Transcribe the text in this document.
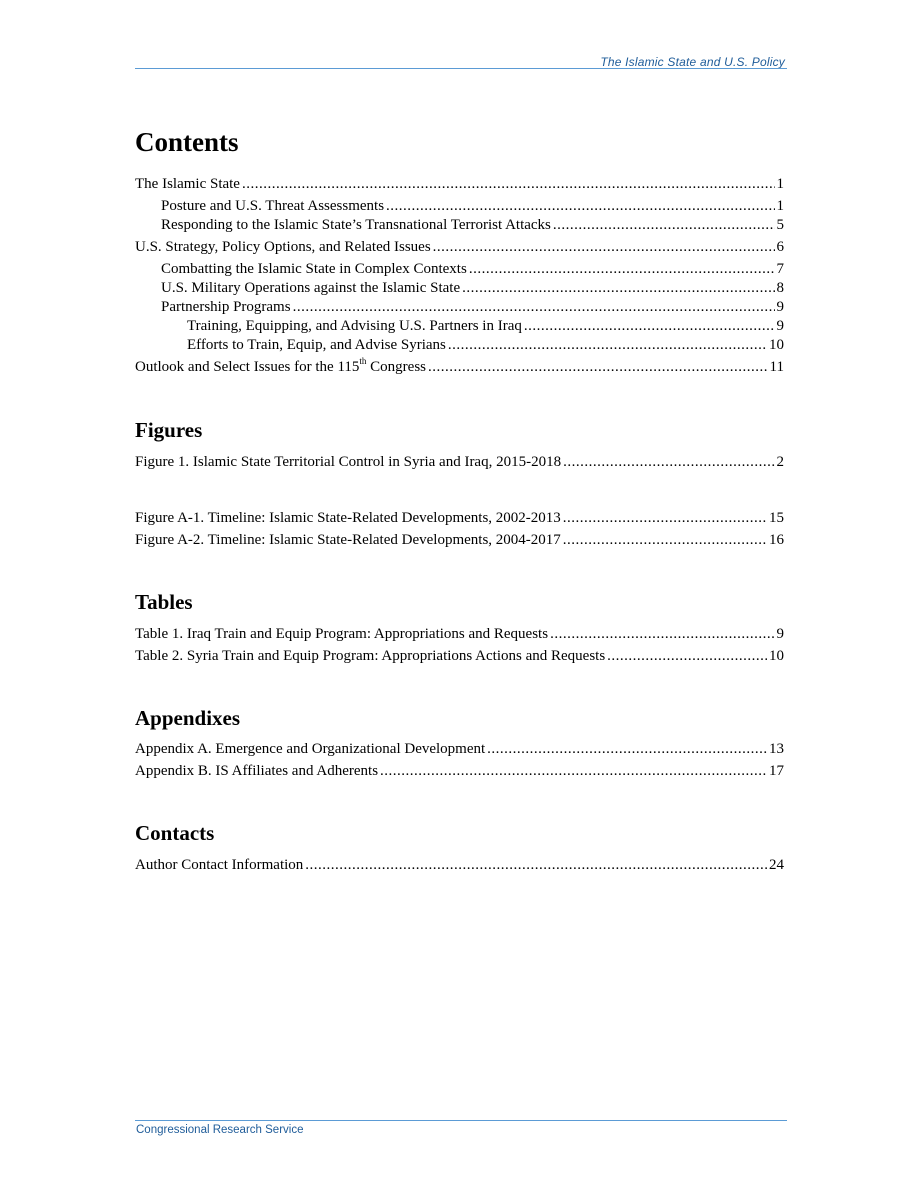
The Islamic State and U.S. Policy
Contents
The Islamic State .....	1
Posture and U.S. Threat Assessments .....	1
Responding to the Islamic State’s Transnational Terrorist Attacks .....	5
U.S. Strategy, Policy Options, and Related Issues .....	6
Combatting the Islamic State in Complex Contexts .....	7
U.S. Military Operations against the Islamic State .....	8
Partnership Programs .....	9
Training, Equipping, and Advising U.S. Partners in Iraq .....	9
Efforts to Train, Equip, and Advise Syrians .....	10
Outlook and Select Issues for the 115th Congress .....	11
Figures
Figure 1. Islamic State Territorial Control in Syria and Iraq, 2015-2018 .....	2
Figure A-1. Timeline: Islamic State-Related Developments, 2002-2013 .....	15
Figure A-2. Timeline: Islamic State-Related Developments, 2004-2017 .....	16
Tables
Table 1. Iraq Train and Equip Program: Appropriations and Requests .....	9
Table 2. Syria Train and Equip Program: Appropriations Actions and Requests .....	10
Appendixes
Appendix A. Emergence and Organizational Development .....	13
Appendix B. IS Affiliates and Adherents .....	17
Contacts
Author Contact Information .....	24
Congressional Research Service
